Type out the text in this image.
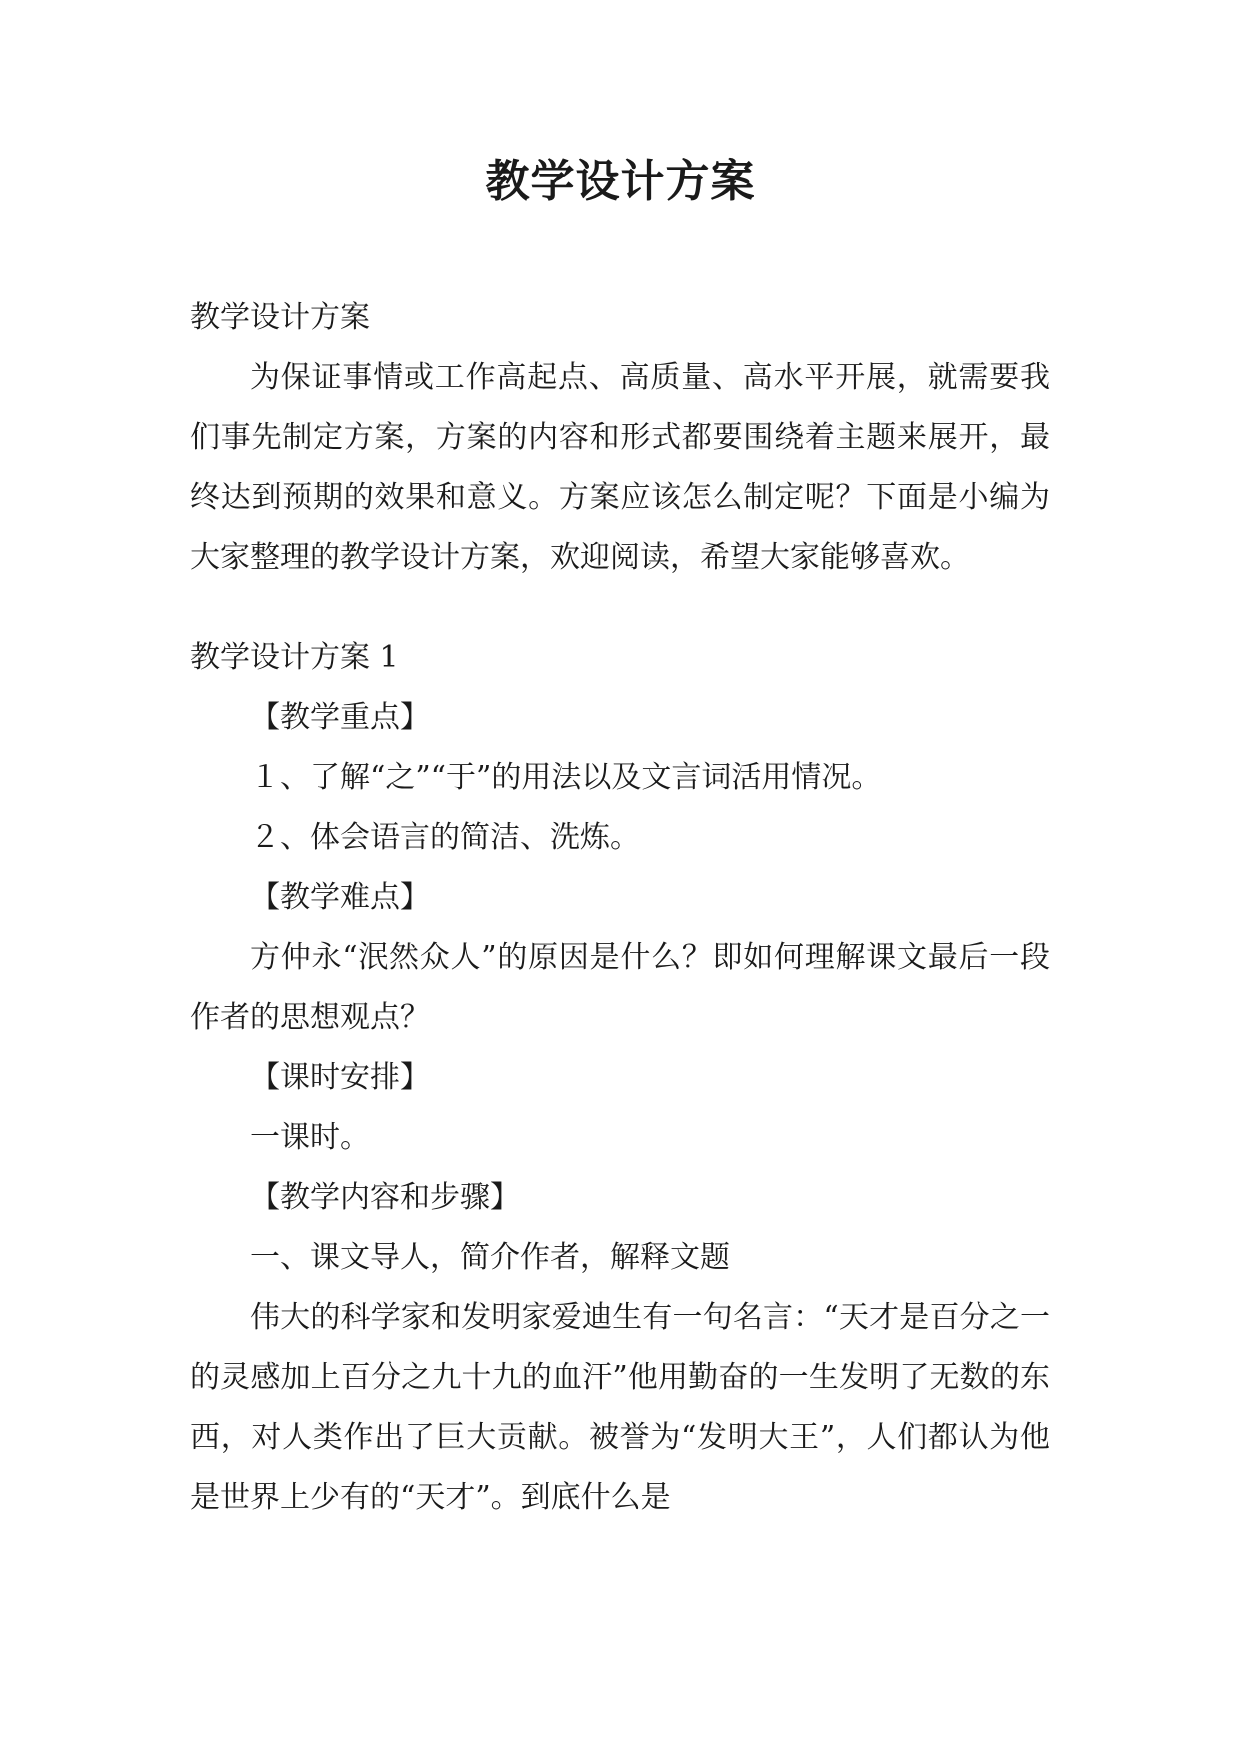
教学设计方案
教学设计方案

为保证事情或工作高起点、高质量、高水平开展，就需要我们事先制定方案，方案的内容和形式都要围绕着主题来展开，最终达到预期的效果和意义。方案应该怎么制定呢？下面是小编为大家整理的教学设计方案，欢迎阅读，希望大家能够喜欢。

教学设计方案 1
【教学重点】
１、了解“之”“于”的用法以及文言词活用情况。
２、体会语言的简洁、洗炼。
【教学难点】

方仲永“泯然众人”的原因是什么？即如何理解课文最后一段作者的思想观点？

【课时安排】
一课时。
【教学内容和步骤】
一、课文导人，简介作者，解释文题

伟大的科学家和发明家爱迪生有一句名言：“天才是百分之一的灵感加上百分之九十九的血汗”他用勤奋的一生发明了无数的东西，对人类作出了巨大贡献。被誉为“发明大王”，人们都认为他是世界上少有的“天才”。到底什么是
